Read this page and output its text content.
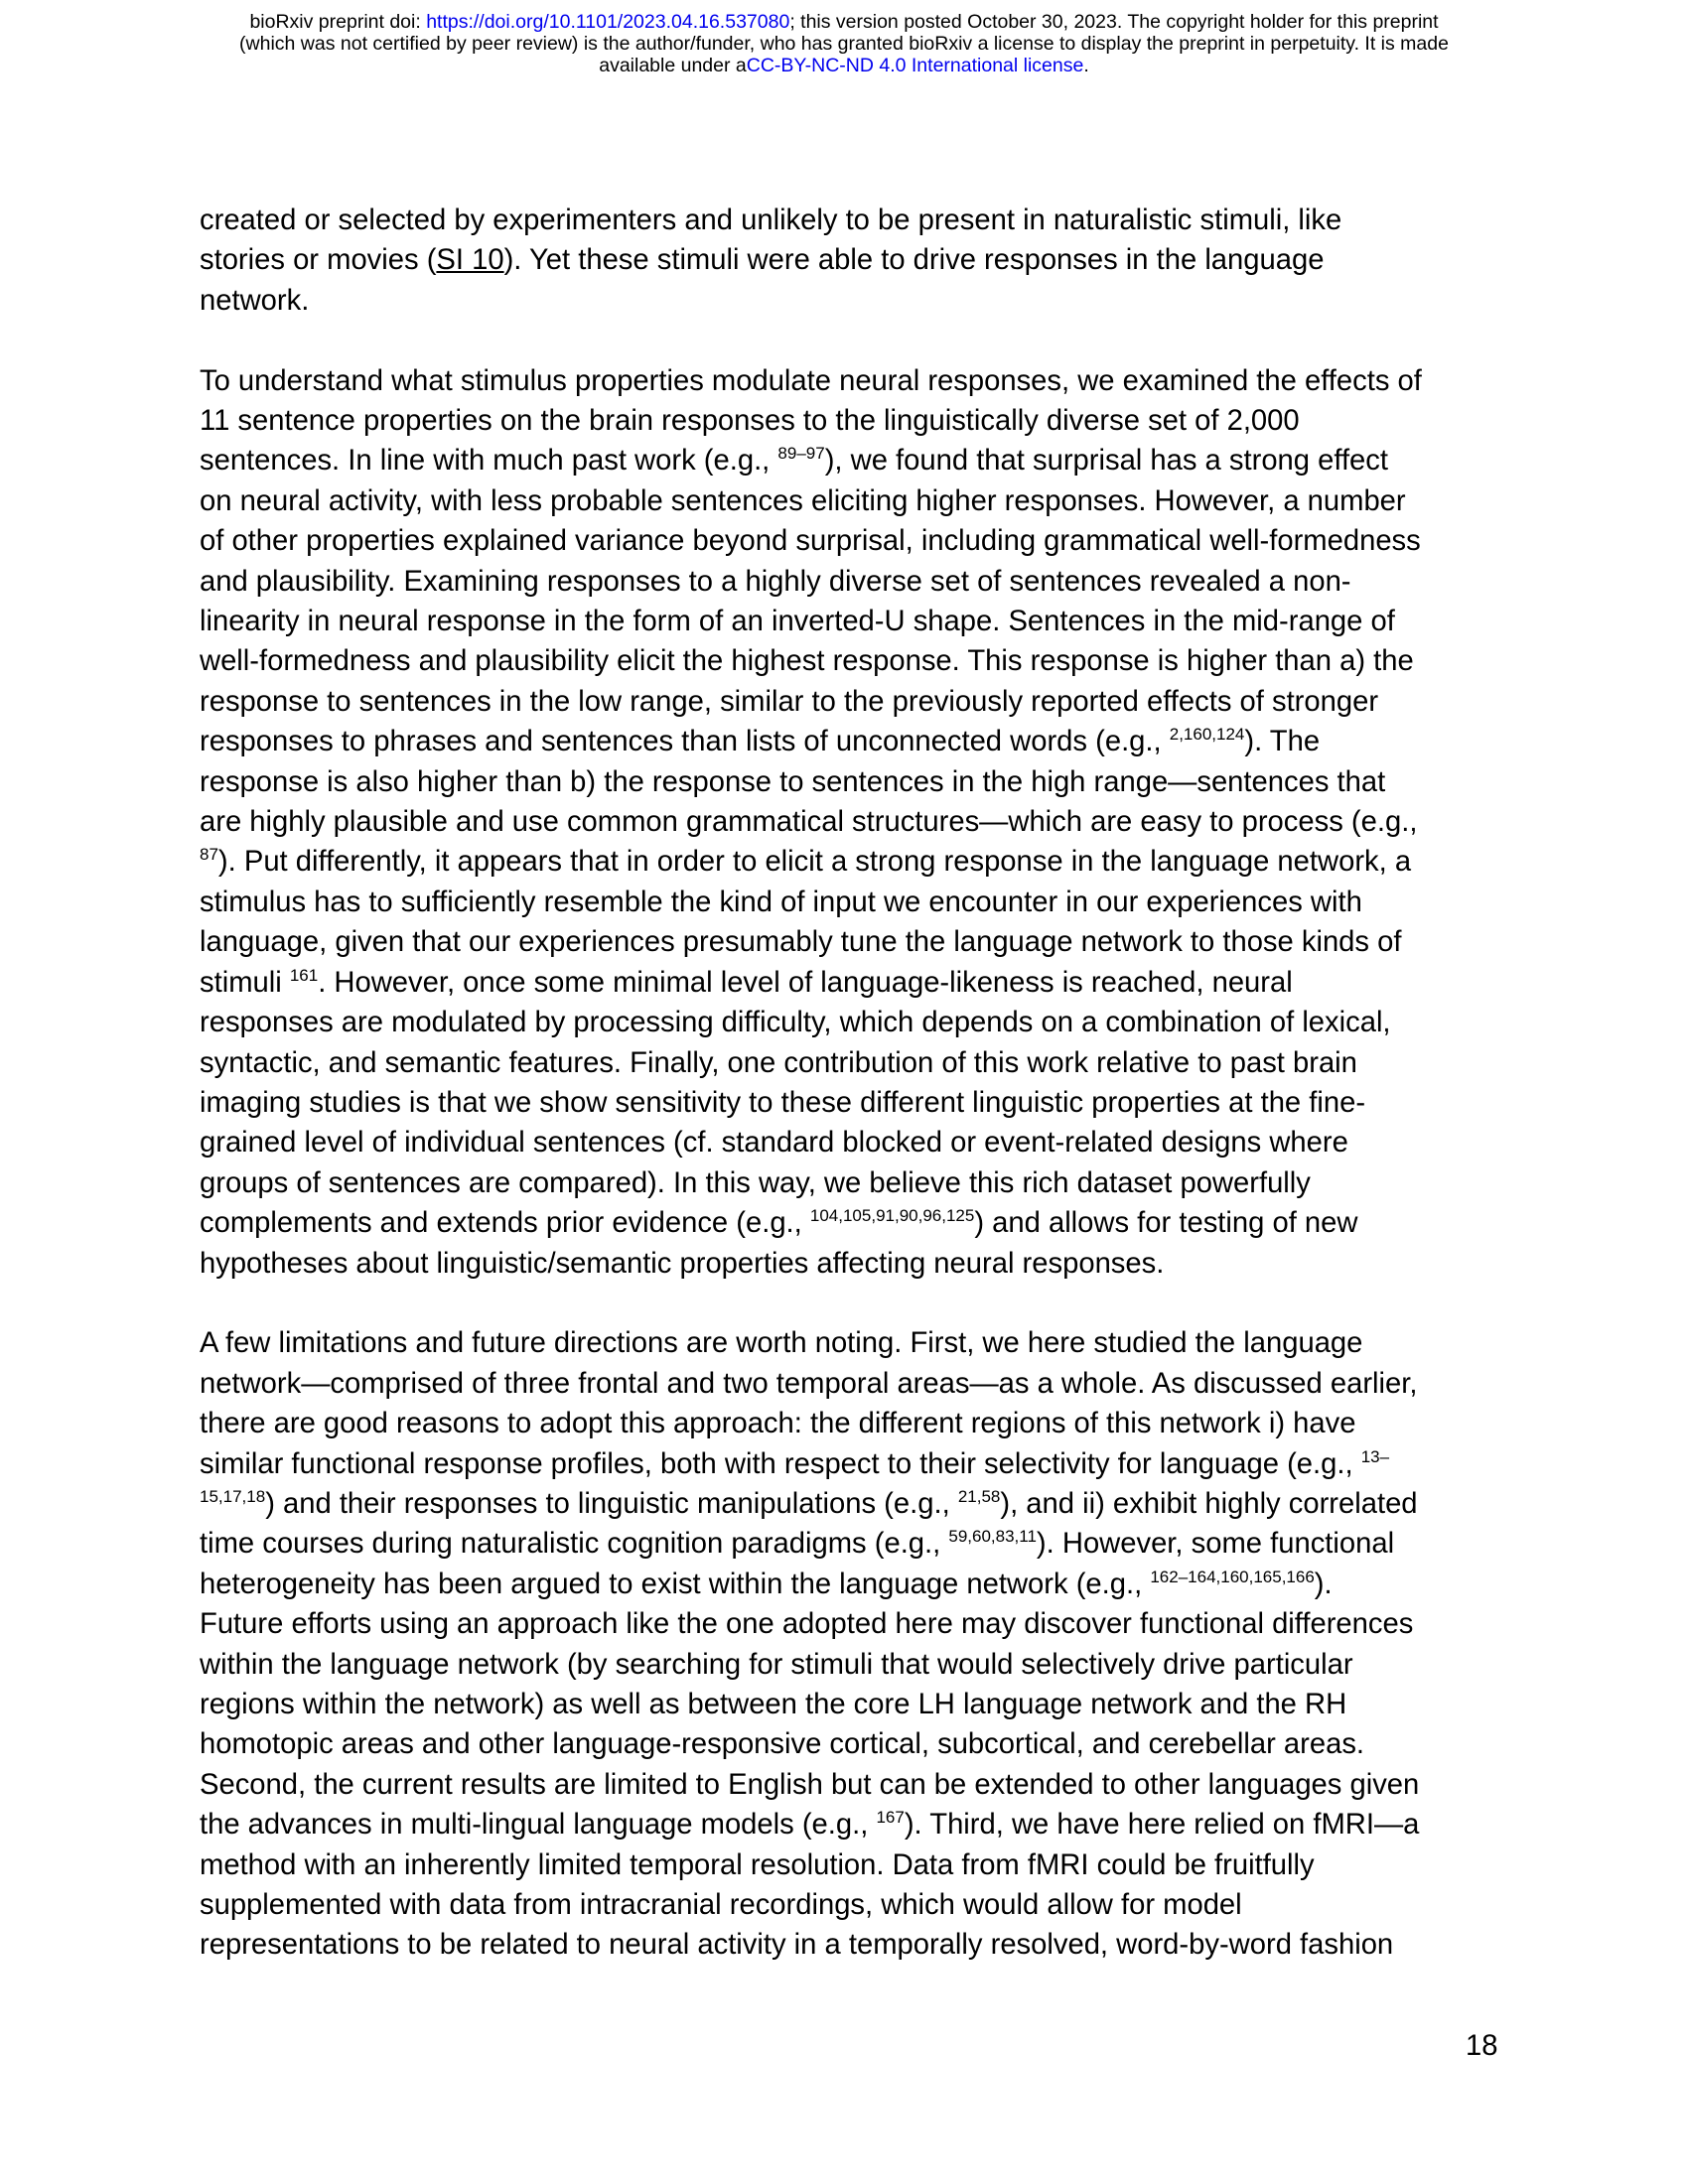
bioRxiv preprint doi: https://doi.org/10.1101/2023.04.16.537080; this version posted October 30, 2023. The copyright holder for this preprint
(which was not certified by peer review) is the author/funder, who has granted bioRxiv a license to display the preprint in perpetuity. It is made
available under aCC-BY-NC-ND 4.0 International license.
created or selected by experimenters and unlikely to be present in naturalistic stimuli, like
stories or movies (SI 10). Yet these stimuli were able to drive responses in the language
network.
To understand what stimulus properties modulate neural responses, we examined the effects of
11 sentence properties on the brain responses to the linguistically diverse set of 2,000
sentences. In line with much past work (e.g., $^{89-97}$), we found that surprisal has a strong effect
on neural activity, with less probable sentences eliciting higher responses. However, a number
of other properties explained variance beyond surprisal, including grammatical well-formedness
and plausibility. Examining responses to a highly diverse set of sentences revealed a non-
linearity in neural response in the form of an inverted-U shape. Sentences in the mid-range of
well-formedness and plausibility elicit the highest response. This response is higher than a) the
response to sentences in the low range, similar to the previously reported effects of stronger
responses to phrases and sentences than lists of unconnected words (e.g., $^{2,160,124}$). The
response is also higher than b) the response to sentences in the high range—sentences that
are highly plausible and use common grammatical structures—which are easy to process (e.g.,
$^{87}$). Put differently, it appears that in order to elicit a strong response in the language network, a
stimulus has to sufficiently resemble the kind of input we encounter in our experiences with
language, given that our experiences presumably tune the language network to those kinds of
stimuli $^{161}$. However, once some minimal level of language-likeness is reached, neural
responses are modulated by processing difficulty, which depends on a combination of lexical,
syntactic, and semantic features. Finally, one contribution of this work relative to past brain
imaging studies is that we show sensitivity to these different linguistic properties at the fine-
grained level of individual sentences (cf. standard blocked or event-related designs where
groups of sentences are compared). In this way, we believe this rich dataset powerfully
complements and extends prior evidence (e.g., $^{104,105,91,90,96,125}$) and allows for testing of new
hypotheses about linguistic/semantic properties affecting neural responses.
A few limitations and future directions are worth noting. First, we here studied the language
network—comprised of three frontal and two temporal areas—as a whole. As discussed earlier,
there are good reasons to adopt this approach: the different regions of this network i) have
similar functional response profiles, both with respect to their selectivity for language (e.g., $^{13-}$
$^{15,17,18}$) and their responses to linguistic manipulations (e.g., $^{21,58}$), and ii) exhibit highly correlated
time courses during naturalistic cognition paradigms (e.g., $^{59,60,83,11}$). However, some functional
heterogeneity has been argued to exist within the language network (e.g., $^{162-164,160,165,166}$).
Future efforts using an approach like the one adopted here may discover functional differences
within the language network (by searching for stimuli that would selectively drive particular
regions within the network) as well as between the core LH language network and the RH
homotopic areas and other language-responsive cortical, subcortical, and cerebellar areas.
Second, the current results are limited to English but can be extended to other languages given
the advances in multi-lingual language models (e.g., $^{167}$). Third, we have here relied on fMRI—a
method with an inherently limited temporal resolution. Data from fMRI could be fruitfully
supplemented with data from intracranial recordings, which would allow for model
representations to be related to neural activity in a temporally resolved, word-by-word fashion
18
